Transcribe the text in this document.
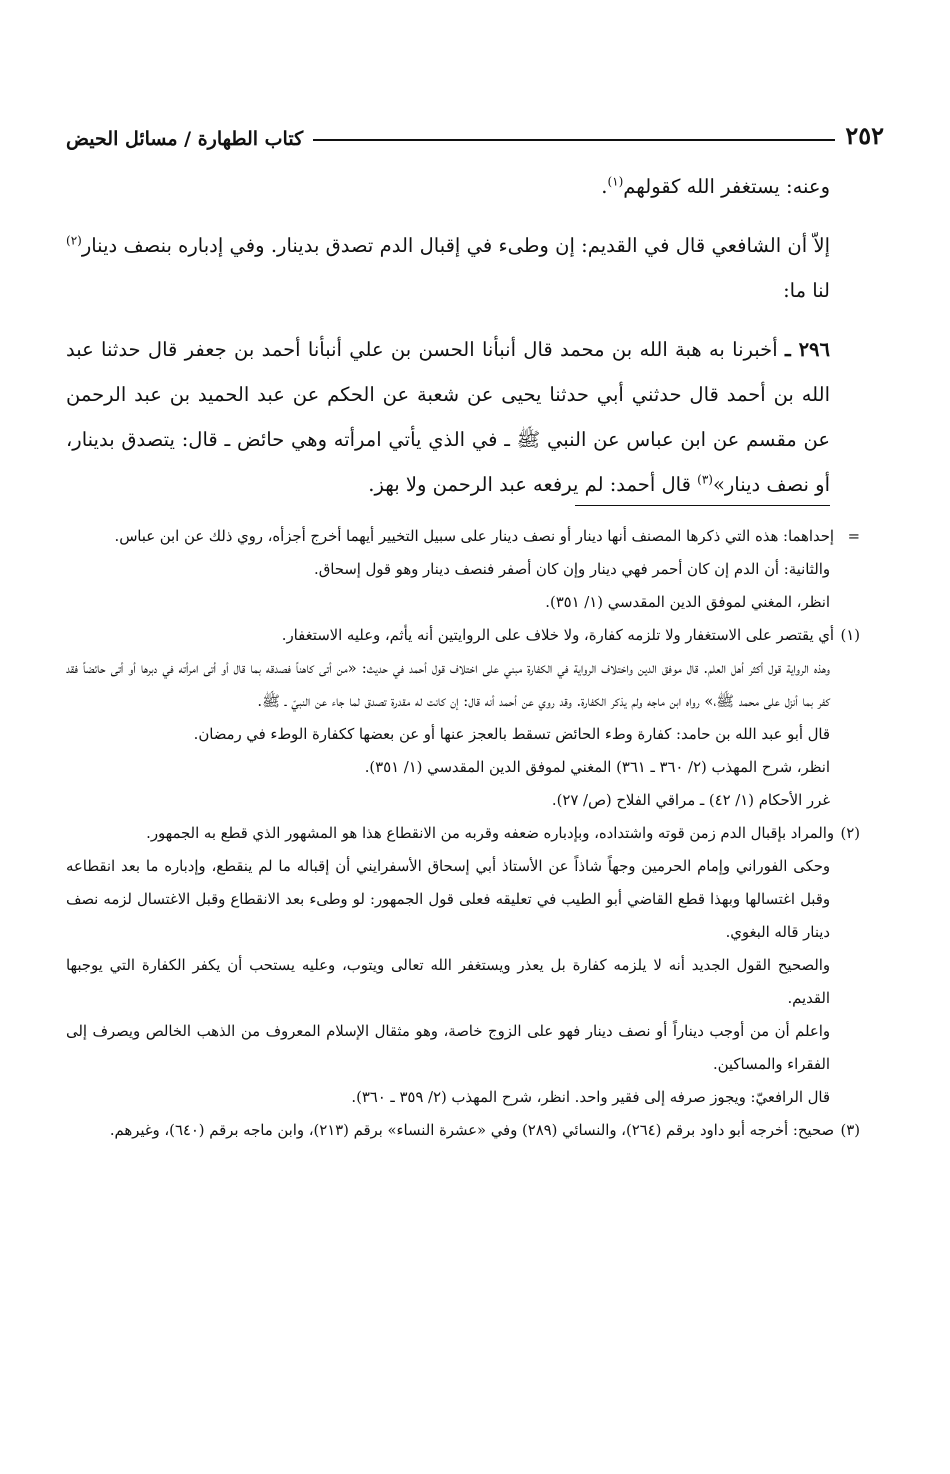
٢٥٢
كتاب الطهارة / مسائل الحيض

وعنه: يستغفر الله كقولهم$^{(١)}$.

إلاّ أن الشافعي قال في القديم: إن وطىء في إقبال الدم تصدق بدينار. وفي إدباره بنصف دينار$^{(٢)}$ لنا ما:

٢٩٦ ـ أخبرنا به هبة الله بن محمد قال أنبأنا الحسن بن علي أنبأنا أحمد بن جعفر قال حدثنا عبد الله بن أحمد قال حدثني أبي حدثنا يحيى عن شعبة عن الحكم عن عبد الحميد بن عبد الرحمن عن مقسم عن ابن عباس عن النبي ﷺ ـ في الذي يأتي امرأته وهي حائض ـ قال: يتصدق بدينار، أو نصف دينار»$^{(٣)}$ قال أحمد: لم يرفعه عبد الرحمن ولا بهز.

=إحداهما: هذه التي ذكرها المصنف أنها دينار أو نصف دينار على سبيل التخيير أيهما أخرج أجزأه، روي ذلك عن ابن عباس.

والثانية: أن الدم إن كان أحمر فهي دينار وإن كان أصفر فنصف دينار وهو قول إسحاق.

انظر، المغني لموفق الدين المقدسي (١/ ٣٥١).

(١)أي يقتصر على الاستغفار ولا تلزمه كفارة، ولا خلاف على الروايتين أنه يأثم، وعليه الاستغفار.

وهذه الرواية قول أكثر أهل العلم. قال موفق الدين واختلاف الرواية في الكفارة مبني على اختلاف قول أحمد في حديث: «من أتى كاهناً فصدقه بما قال أو أتى امرأته في دبرها أو أتى حائضاً فقد كفر بما أنزل على محمد ﷺ،» رواه ابن ماجه ولم يذكر الكفارة. وقد روي عن أحمد أنه قال: إن كانت له مقدرة تصدق لما جاء عن النبيّ ـ ﷺ.

قال أبو عبد الله بن حامد: كفارة وطء الحائض تسقط بالعجز عنها أو عن بعضها ككفارة الوطء في رمضان.

انظر، شرح المهذب (٢/ ٣٦٠ ـ ٣٦١) المغني لموفق الدين المقدسي (١/ ٣٥١).

غرر الأحكام (١/ ٤٢) ـ مراقي الفلاح (ص/ ٢٧).

(٢)والمراد بإقبال الدم زمن قوته واشتداده، وبإدباره ضعفه وقربه من الانقطاع هذا هو المشهور الذي قطع به الجمهور.

وحكى الفوراني وإمام الحرمين وجهاً شاذاً عن الأستاذ أبي إسحاق الأسفرايني أن إقباله ما لم ينقطع، وإدباره ما بعد انقطاعه وقبل اغتسالها وبهذا قطع القاضي أبو الطيب في تعليقه فعلى قول الجمهور: لو وطىء بعد الانقطاع وقبل الاغتسال لزمه نصف دينار قاله البغوي.

والصحيح القول الجديد أنه لا يلزمه كفارة بل يعذر ويستغفر الله تعالى ويتوب، وعليه يستحب أن يكفر الكفارة التي يوجبها القديم.

واعلم أن من أوجب ديناراً أو نصف دينار فهو على الزوج خاصة، وهو مثقال الإسلام المعروف من الذهب الخالص ويصرف إلى الفقراء والمساكين.

قال الرافعيّ: ويجوز صرفه إلى فقير واحد. انظر، شرح المهذب (٢/ ٣٥٩ ـ ٣٦٠).

(٣)صحيح: أخرجه أبو داود برقم (٢٦٤)، والنسائي (٢٨٩) وفي «عشرة النساء» برقم (٢١٣)، وابن ماجه برقم (٦٤٠)، وغيرهم.
